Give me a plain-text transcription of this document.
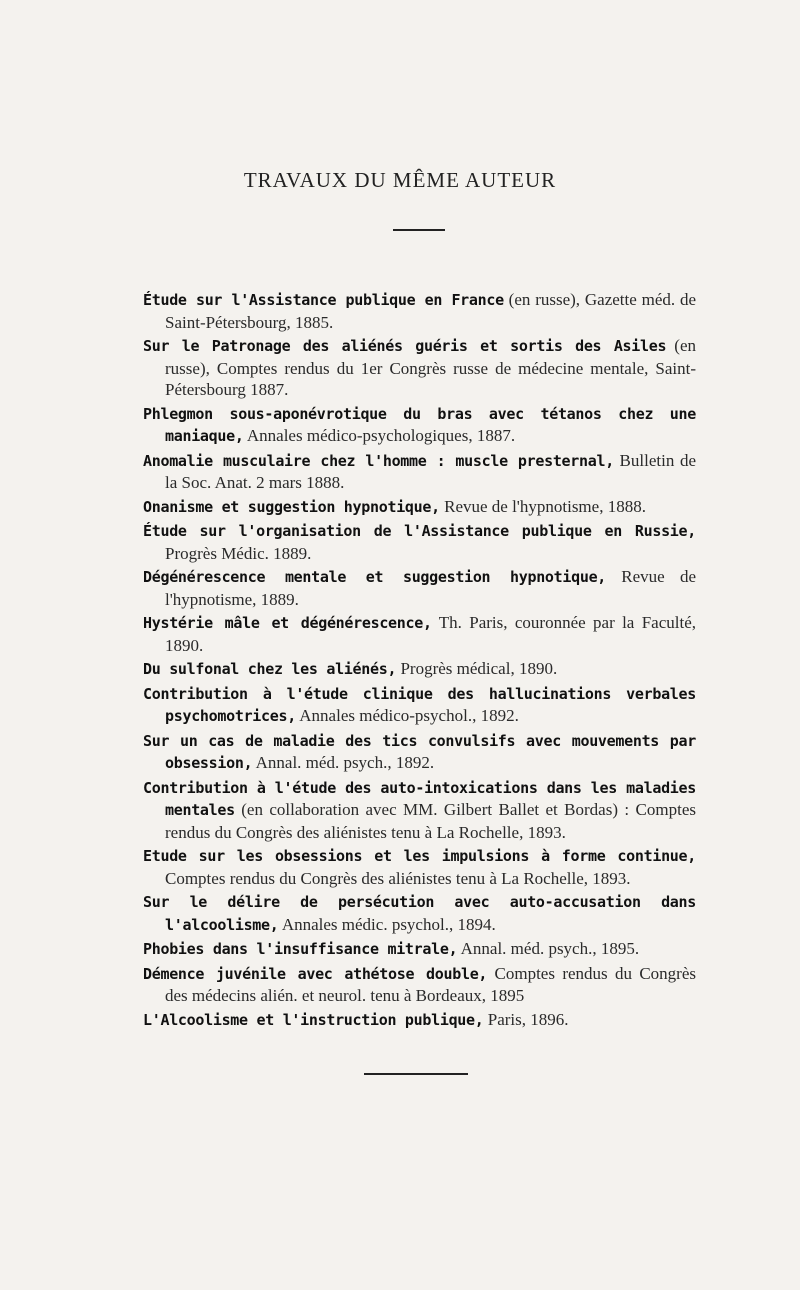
TRAVAUX DU MÊME AUTEUR

Étude sur l'Assistance publique en France (en russe), Gazette méd. de Saint-Pétersbourg, 1885.

Sur le Patronage des aliénés guéris et sortis des Asiles (en russe), Comptes rendus du 1er Congrès russe de médecine mentale, Saint-Pétersbourg 1887.

Phlegmon sous-aponévrotique du bras avec tétanos chez une maniaque, Annales médico-psychologiques, 1887.

Anomalie musculaire chez l'homme : muscle presternal, Bulletin de la Soc. Anat. 2 mars 1888.

Onanisme et suggestion hypnotique, Revue de l'hypnotisme, 1888.

Étude sur l'organisation de l'Assistance publique en Russie, Progrès Médic. 1889.

Dégénérescence mentale et suggestion hypnotique, Revue de l'hypnotisme, 1889.

Hystérie mâle et dégénérescence, Th. Paris, couronnée par la Faculté, 1890.

Du sulfonal chez les aliénés, Progrès médical, 1890.

Contribution à l'étude clinique des hallucinations verbales psychomotrices, Annales médico-psychol., 1892.

Sur un cas de maladie des tics convulsifs avec mouvements par obsession, Annal. méd. psych., 1892.

Contribution à l'étude des auto-intoxications dans les maladies mentales (en collaboration avec MM. Gilbert Ballet et Bordas) : Comptes rendus du Congrès des aliénistes tenu à La Rochelle, 1893.

Etude sur les obsessions et les impulsions à forme continue, Comptes rendus du Congrès des aliénistes tenu à La Rochelle, 1893.

Sur le délire de persécution avec auto-accusation dans l'alcoolisme, Annales médic. psychol., 1894.

Phobies dans l'insuffisance mitrale, Annal. méd. psych., 1895.

Démence juvénile avec athétose double, Comptes rendus du Congrès des médecins alién. et neurol. tenu à Bordeaux, 1895

L'Alcoolisme et l'instruction publique, Paris, 1896.
